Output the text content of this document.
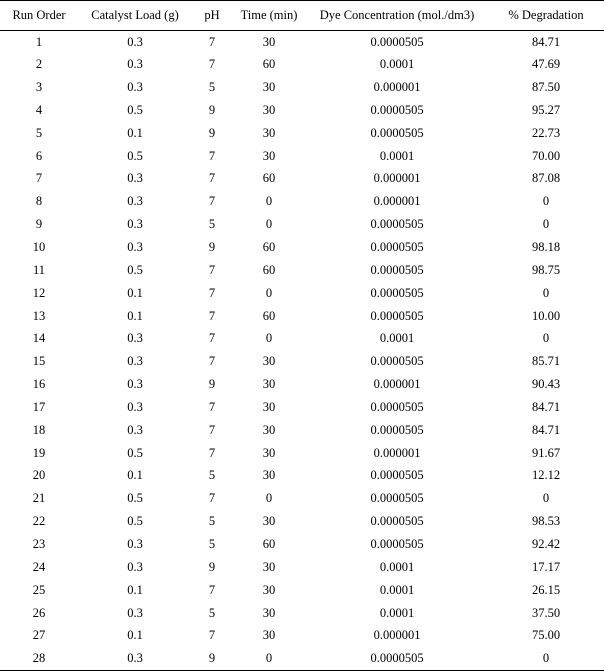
Run Order	Catalyst Load (g)	pH	Time (min)	Dye Concentration (mol./dm3)	% Degradation
1	0.3	7	30	0.0000505	84.71
2	0.3	7	60	0.0001	47.69
3	0.3	5	30	0.000001	87.50
4	0.5	9	30	0.0000505	95.27
5	0.1	9	30	0.0000505	22.73
6	0.5	7	30	0.0001	70.00
7	0.3	7	60	0.000001	87.08
8	0.3	7	0	0.000001	0
9	0.3	5	0	0.0000505	0
10	0.3	9	60	0.0000505	98.18
11	0.5	7	60	0.0000505	98.75
12	0.1	7	0	0.0000505	0
13	0.1	7	60	0.0000505	10.00
14	0.3	7	0	0.0001	0
15	0.3	7	30	0.0000505	85.71
16	0.3	9	30	0.000001	90.43
17	0.3	7	30	0.0000505	84.71
18	0.3	7	30	0.0000505	84.71
19	0.5	7	30	0.000001	91.67
20	0.1	5	30	0.0000505	12.12
21	0.5	7	0	0.0000505	0
22	0.5	5	30	0.0000505	98.53
23	0.3	5	60	0.0000505	92.42
24	0.3	9	30	0.0001	17.17
25	0.1	7	30	0.0001	26.15
26	0.3	5	30	0.0001	37.50
27	0.1	7	30	0.000001	75.00
28	0.3	9	0	0.0000505	0
